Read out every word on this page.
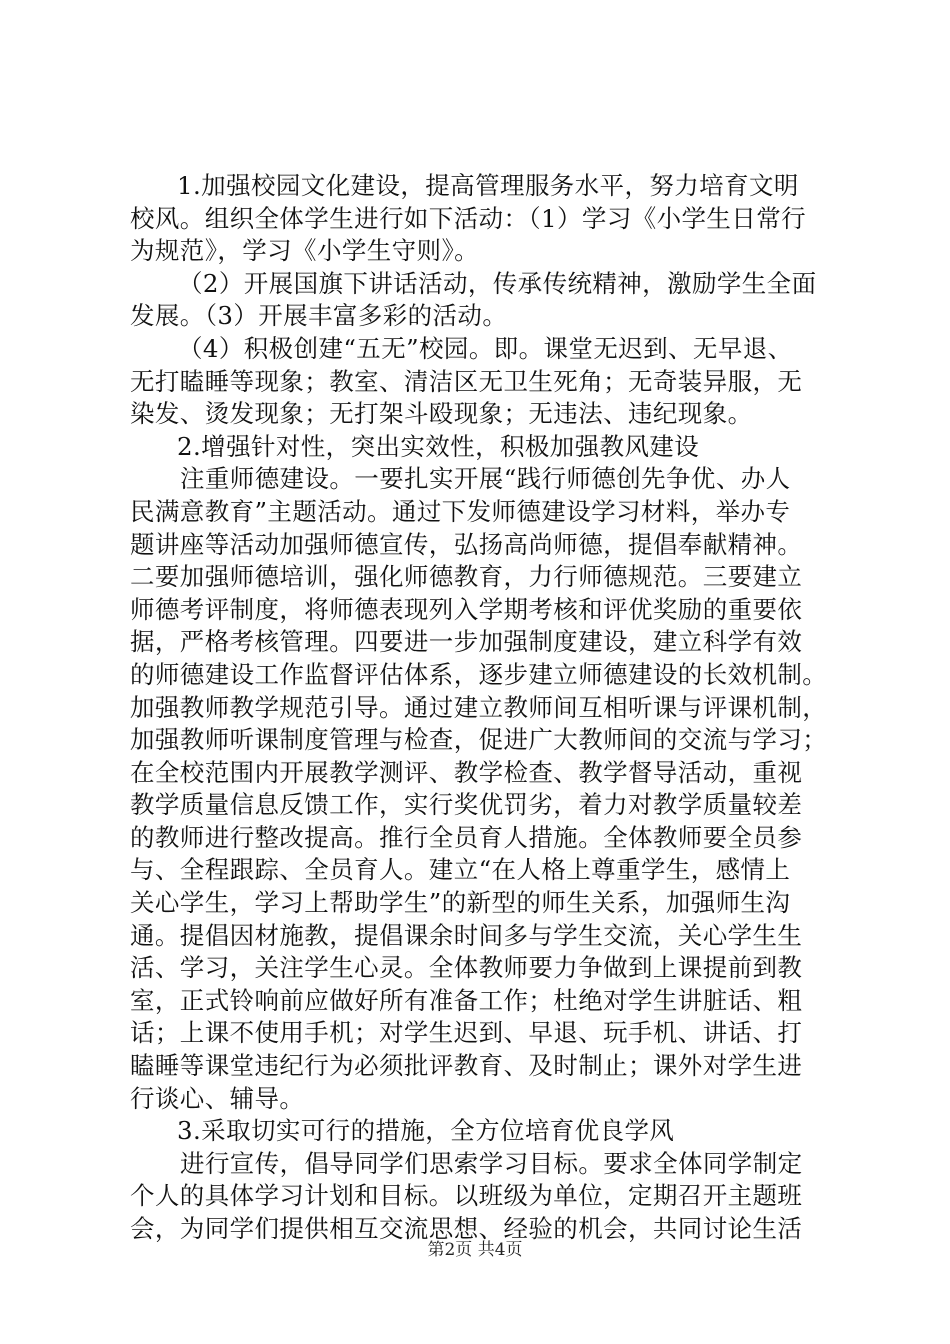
1.加强校园文化建设，提高管理服务水平，努力培育文明
校风。组织全体学生进行如下活动：（1）学习《小学生日常行
为规范》，学习《小学生守则》。
（2）开展国旗下讲话活动，传承传统精神，激励学生全面
发展。（3）开展丰富多彩的活动。
（4）积极创建“五无”校园。即。课堂无迟到、无早退、
无打瞌睡等现象；教室、清洁区无卫生死角；无奇装异服，无
染发、烫发现象；无打架斗殴现象；无违法、违纪现象。
2.增强针对性，突出实效性，积极加强教风建设
注重师德建设。一要扎实开展“践行师德创先争优、办人
民满意教育”主题活动。通过下发师德建设学习材料，举办专
题讲座等活动加强师德宣传，弘扬高尚师德，提倡奉献精神。
二要加强师德培训，强化师德教育，力行师德规范。三要建立
师德考评制度，将师德表现列入学期考核和评优奖励的重要依
据，严格考核管理。四要进一步加强制度建设，建立科学有效
的师德建设工作监督评估体系，逐步建立师德建设的长效机制。
加强教师教学规范引导。通过建立教师间互相听课与评课机制，
加强教师听课制度管理与检查，促进广大教师间的交流与学习；
在全校范围内开展教学测评、教学检查、教学督导活动，重视
教学质量信息反馈工作，实行奖优罚劣，着力对教学质量较差
的教师进行整改提高。推行全员育人措施。全体教师要全员参
与、全程跟踪、全员育人。建立“在人格上尊重学生，感情上
关心学生，学习上帮助学生”的新型的师生关系，加强师生沟
通。提倡因材施教，提倡课余时间多与学生交流，关心学生生
活、学习，关注学生心灵。全体教师要力争做到上课提前到教
室，正式铃响前应做好所有准备工作；杜绝对学生讲脏话、粗
话；上课不使用手机；对学生迟到、早退、玩手机、讲话、打
瞌睡等课堂违纪行为必须批评教育、及时制止；课外对学生进
行谈心、辅导。
3.采取切实可行的措施，全方位培育优良学风
进行宣传，倡导同学们思索学习目标。要求全体同学制定
个人的具体学习计划和目标。以班级为单位，定期召开主题班
会，为同学们提供相互交流思想、经验的机会，共同讨论生活
第2页 共4页
